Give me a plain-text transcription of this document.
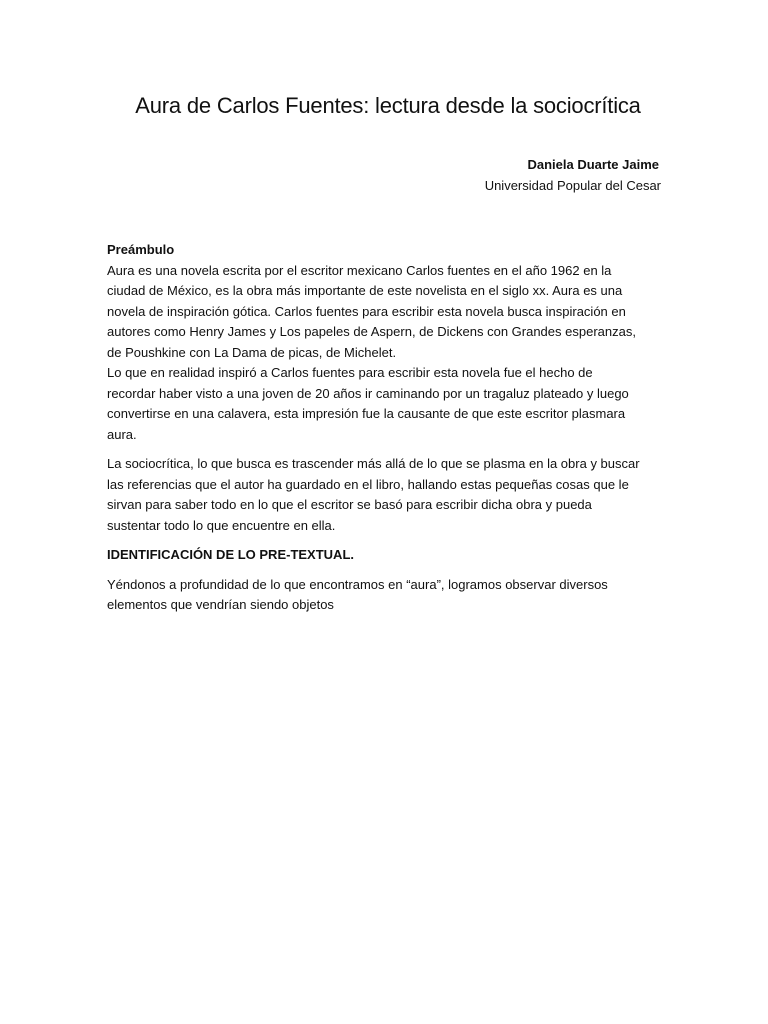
Aura de Carlos Fuentes: lectura desde la sociocrítica

Daniela Duarte Jaime

Universidad Popular del Cesar

Preámbulo
Aura es una novela escrita por el escritor mexicano Carlos fuentes en el año 1962 en la
ciudad de México, es la obra más importante de este novelista en el siglo xx. Aura es una
novela de inspiración gótica. Carlos fuentes para escribir esta novela busca inspiración en
autores como Henry James y Los papeles de Aspern, de Dickens con Grandes esperanzas,
de Poushkine con La Dama de picas, de Michelet.
Lo que en realidad inspiró a Carlos fuentes para escribir esta novela fue el hecho de
recordar haber visto a una joven de 20 años ir caminando por un tragaluz plateado y luego
convertirse en una calavera, esta impresión fue la causante de que este escritor plasmara
aura.

La sociocrítica, lo que busca es trascender más allá de lo que se plasma en la obra y buscar
las referencias que el autor ha guardado en el libro, hallando estas pequeñas cosas que le
sirvan para saber todo en lo que el escritor se basó para escribir dicha obra y pueda
sustentar todo lo que encuentre en ella.

IDENTIFICACIÓN DE LO PRE-TEXTUAL.

Yéndonos a profundidad de lo que encontramos en “aura”, logramos observar diversos
elementos que vendrían siendo objetos
